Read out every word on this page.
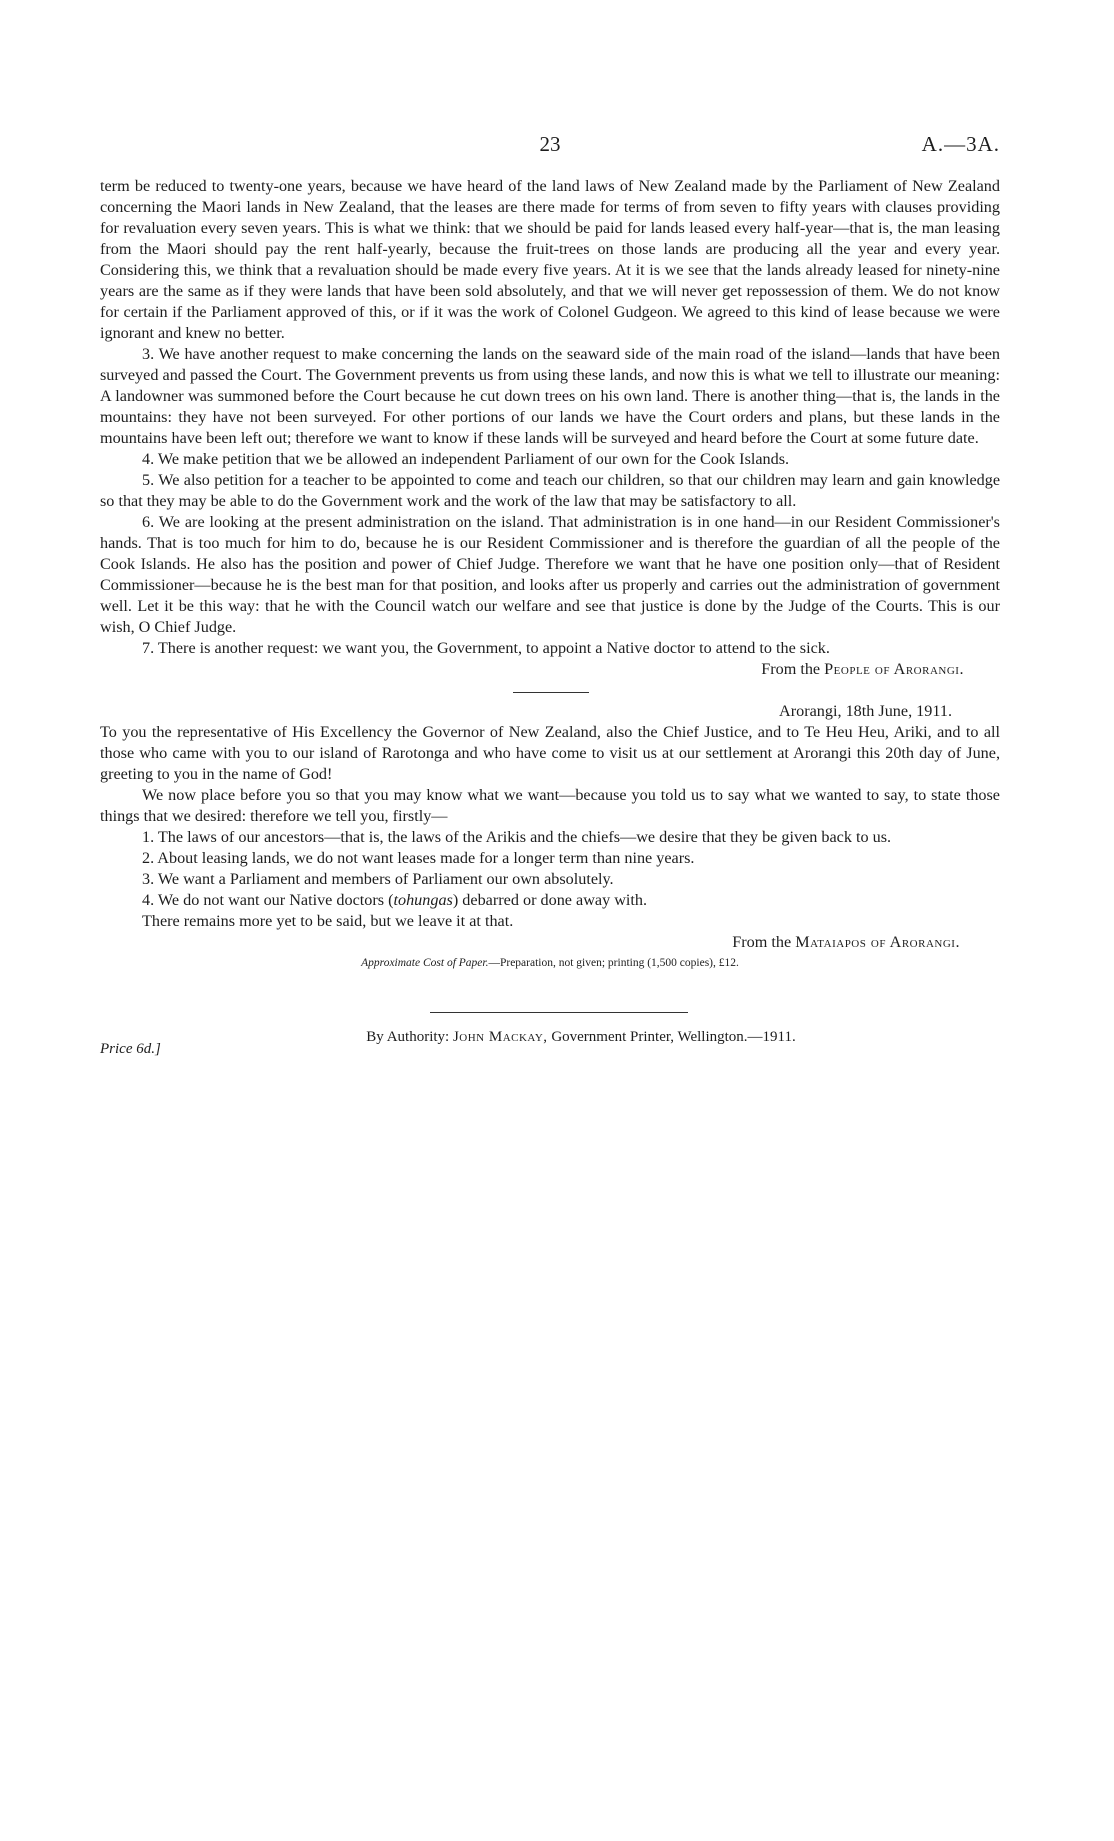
23	A.—3A.

term be reduced to twenty-one years, because we have heard of the land laws of New Zealand made by the Parliament of New Zealand concerning the Maori lands in New Zealand, that the leases are there made for terms of from seven to fifty years with clauses providing for revaluation every seven years. This is what we think: that we should be paid for lands leased every half-year—that is, the man leasing from the Maori should pay the rent half-yearly, because the fruit-trees on those lands are producing all the year and every year. Considering this, we think that a revaluation should be made every five years. At it is we see that the lands already leased for ninety-nine years are the same as if they were lands that have been sold absolutely, and that we will never get repossession of them. We do not know for certain if the Parliament approved of this, or if it was the work of Colonel Gudgeon. We agreed to this kind of lease because we were ignorant and knew no better.

3. We have another request to make concerning the lands on the seaward side of the main road of the island—lands that have been surveyed and passed the Court. The Government prevents us from using these lands, and now this is what we tell to illustrate our meaning: A landowner was summoned before the Court because he cut down trees on his own land. There is another thing—that is, the lands in the mountains: they have not been surveyed. For other portions of our lands we have the Court orders and plans, but these lands in the mountains have been left out; therefore we want to know if these lands will be surveyed and heard before the Court at some future date.

4. We make petition that we be allowed an independent Parliament of our own for the Cook Islands.

5. We also petition for a teacher to be appointed to come and teach our children, so that our children may learn and gain knowledge so that they may be able to do the Government work and the work of the law that may be satisfactory to all.

6. We are looking at the present administration on the island. That administration is in one hand—in our Resident Commissioner's hands. That is too much for him to do, because he is our Resident Commissioner and is therefore the guardian of all the people of the Cook Islands. He also has the position and power of Chief Judge. Therefore we want that he have one position only—that of Resident Commissioner—because he is the best man for that position, and looks after us properly and carries out the administration of government well. Let it be this way: that he with the Council watch our welfare and see that justice is done by the Judge of the Courts. This is our wish, O Chief Judge.

7. There is another request: we want you, the Government, to appoint a Native doctor to attend to the sick.

From the People of Arorangi.

Arorangi, 18th June, 1911.

To you the representative of His Excellency the Governor of New Zealand, also the Chief Justice, and to Te Heu Heu, Ariki, and to all those who came with you to our island of Rarotonga and who have come to visit us at our settlement at Arorangi this 20th day of June, greeting to you in the name of God!

We now place before you so that you may know what we want—because you told us to say what we wanted to say, to state those things that we desired: therefore we tell you, firstly—

1. The laws of our ancestors—that is, the laws of the Arikis and the chiefs—we desire that they be given back to us.

2. About leasing lands, we do not want leases made for a longer term than nine years.

3. We want a Parliament and members of Parliament our own absolutely.

4. We do not want our Native doctors (tohungas) debarred or done away with.

There remains more yet to be said, but we leave it at that.

From the Mataiapos of Arorangi.

Approximate Cost of Paper.—Preparation, not given; printing (1,500 copies), £12.

Price 6d.]
By Authority: John Mackay, Government Printer, Wellington.—1911.
